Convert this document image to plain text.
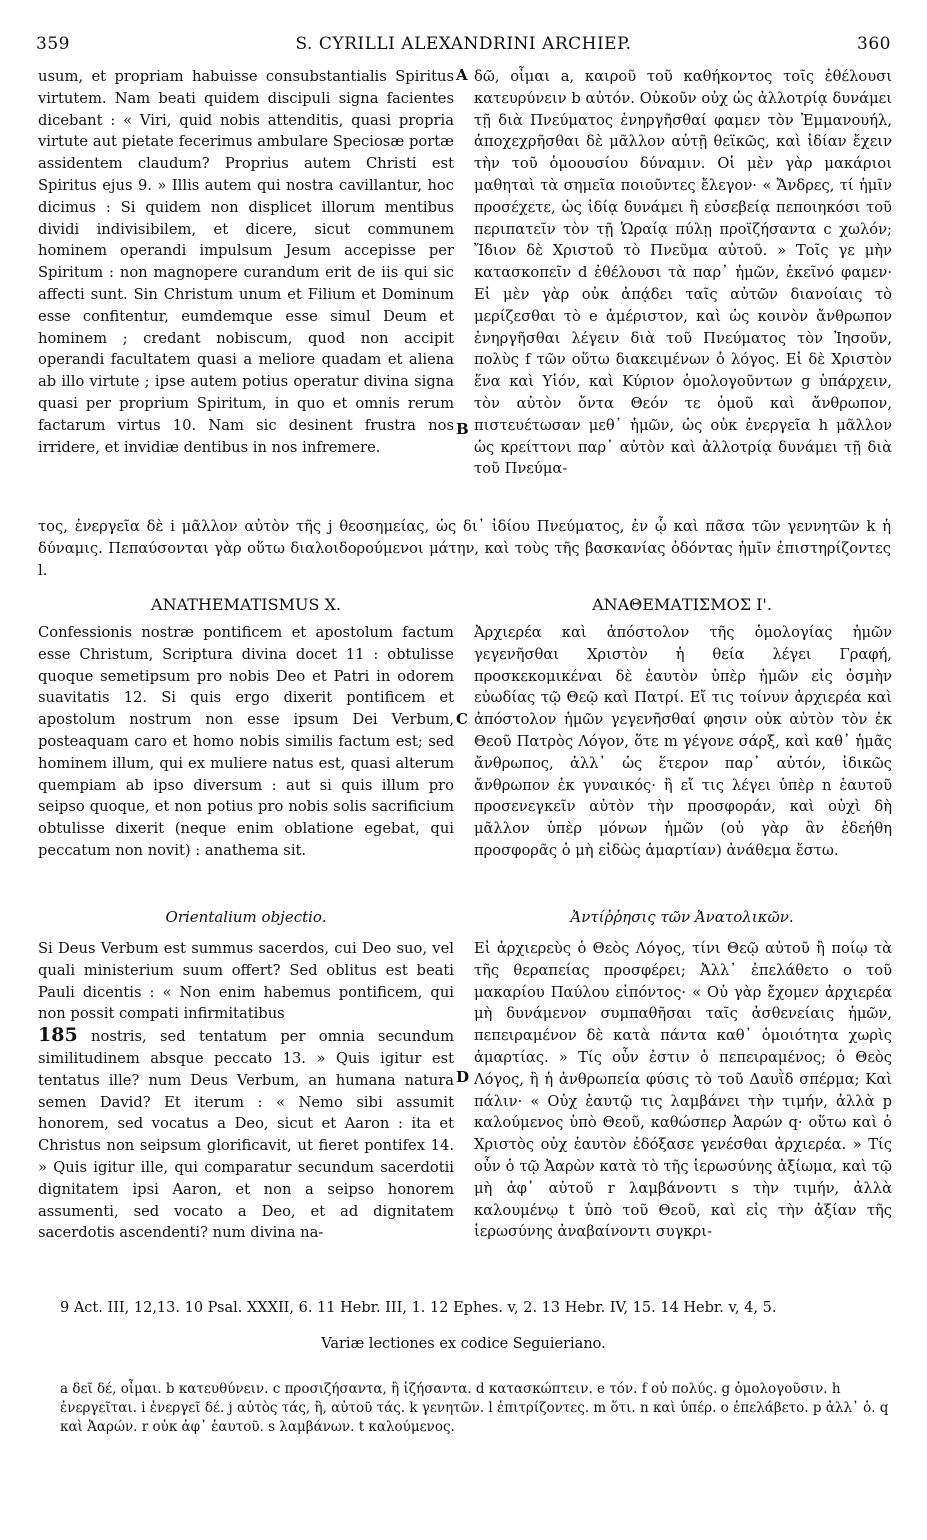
359	S. CYRILLI ALEXANDRINI ARCHIEP.	360

usum, et propriam habuisse consubstantialis Spiritus virtutem. Nam beati quidem discipuli signa facientes dicebant : « Viri, quid nobis attenditis, quasi propria virtute aut pietate fecerimus ambulare Speciosæ portæ assidentem claudum? Proprius autem Christi est Spiritus ejus 9. » Illis autem qui nostra cavillantur, hoc dicimus : Si quidem non displicet illorum mentibus dividi indivisibilem, et dicere, sicut communem hominem operandi impulsum Jesum accepisse per Spiritum : non magnopere curandum erit de iis qui sic affecti sunt. Sin Christum unum et Filium et Dominum esse confitentur, eumdemque esse simul Deum et hominem ; credant nobiscum, quod non accipit operandi facultatem quasi a meliore quadam et aliena ab illo virtute ; ipse autem potius operatur divina signa quasi per proprium Spiritum, in quo et omnis rerum factarum virtus 10. Nam sic desinent frustra nos irridere, et invidiæ dentibus in nos infremere.

δῶ, οἶμαι a, καιροῦ τοῦ καθήκοντος τοῖς ἐθέλουσι κατευρύνειν b αὐτόν. Οὐκοῦν οὐχ ὡς ἀλλοτρίᾳ δυνάμει τῇ διὰ Πνεύματος ἐνηργῆσθαί φαμεν τὸν Ἐμμανουήλ, ἀποχεχρῆσθαι δὲ μᾶλλον αὐτῇ θεϊκῶς, καὶ ἰδίαν ἔχειν τὴν τοῦ ὁμοουσίου δύναμιν. Οἱ μὲν γὰρ μακάριοι μαθηταὶ τὰ σημεῖα ποιοῦντες ἔλεγον· « Ἄνδρες, τί ἡμῖν προσέχετε, ὡς ἰδίᾳ δυνάμει ἢ εὐσεβείᾳ πεποιηκόσι τοῦ περιπατεῖν τὸν τῇ Ὡραίᾳ πύλῃ προϊζήσαντα c χωλόν; Ἴδιον δὲ Χριστοῦ τὸ Πνεῦμα αὐτοῦ. » Τοῖς γε μὴν κατασκοπεῖν d ἐθέλουσι τὰ παρ᾽ ἡμῶν, ἐκεῖνό φαμεν· Εἰ μὲν γὰρ οὐκ ἀπᾴδει ταῖς αὐτῶν διανοίαις τὸ μερίζεσθαι τὸ e ἀμέριστον, καὶ ὡς κοινὸν ἄνθρωπον ἐνηργῆσθαι λέγειν διὰ τοῦ Πνεύματος τὸν Ἰησοῦν, πολὺς f τῶν οὕτω διακειμένων ὁ λόγος. Εἰ δὲ Χριστὸν ἕνα καὶ Υἱόν, καὶ Κύριον ὁμολογοῦντων g ὑπάρχειν, τὸν αὐτὸν ὄντα Θεόν τε ὁμοῦ καὶ ἄνθρωπον, πιστευέτωσαν μεθ᾽ ἡμῶν, ὡς οὐκ ἐνεργεῖα h μᾶλλον ὡς κρείττονι παρ᾽ αὐτὸν καὶ ἀλλοτρίᾳ δυνάμει τῇ διὰ τοῦ Πνεύμα-

A
B

τος, ἐνεργεῖα δὲ i μᾶλλον αὐτὸν τῆς j θεοσημείας, ὡς δι᾽ ἰδίου Πνεύματος, ἐν ᾧ καὶ πᾶσα τῶν γεννητῶν k ἡ δύναμις. Πεπαύσονται γὰρ οὕτω διαλοιδορούμενοι μάτην, καὶ τοὺς τῆς βασκανίας ὀδόντας ἡμῖν ἐπιστηρίζοντες l.

ANATHEMATISMUS X.	ΑΝΑΘΕΜΑΤΙΣΜΟΣ Ι'.

Confessionis nostræ pontificem et apostolum factum esse Christum, Scriptura divina docet 11 : obtulisse quoque semetipsum pro nobis Deo et Patri in odorem suavitatis 12. Si quis ergo dixerit pontificem et apostolum nostrum non esse ipsum Dei Verbum, posteaquam caro et homo nobis similis factum est; sed hominem illum, qui ex muliere natus est, quasi alterum quempiam ab ipso diversum : aut si quis illum pro seipso quoque, et non potius pro nobis solis sacrificium obtulisse dixerit (neque enim oblatione egebat, qui peccatum non novit) : anathema sit.

Ἀρχιερέα καὶ ἀπόστολον τῆς ὁμολογίας ἡμῶν γεγενῆσθαι Χριστὸν ἡ θεία λέγει Γραφή, προσκεκομικέναι δὲ ἑαυτὸν ὑπὲρ ἡμῶν εἰς ὀσμὴν εὐωδίας τῷ Θεῷ καὶ Πατρί. Εἴ τις τοίνυν ἀρχιερέα καὶ ἀπόστολον ἡμῶν γεγενῆσθαί φησιν οὐκ αὐτὸν τὸν ἐκ Θεοῦ Πατρὸς Λόγον, ὅτε m γέγονε σάρξ, καὶ καθ᾽ ἡμᾶς ἄνθρωπος, ἀλλ᾽ ὡς ἕτερον παρ᾽ αὐτόν, ἰδικῶς ἄνθρωπον ἐκ γυναικός· ἢ εἴ τις λέγει ὑπὲρ n ἑαυτοῦ προσενεγκεῖν αὐτὸν τὴν προσφοράν, καὶ οὐχὶ δὴ μᾶλλον ὑπὲρ μόνων ἡμῶν (οὐ γὰρ ἂν ἐδεήθη προσφορᾶς ὁ μὴ εἰδὼς ἁμαρτίαν) ἀνάθεμα ἔστω.

C
Orientalium objectio.	Ἀντίῤῥησις τῶν Ἀνατολικῶν.

Si Deus Verbum est summus sacerdos, cui Deo suo, vel quali ministerium suum offert? Sed oblitus est beati Pauli dicentis : « Non enim habemus pontificem, qui non possit compati infirmitatibus

185 nostris, sed tentatum per omnia secundum similitudinem absque peccato 13. » Quis igitur est tentatus ille? num Deus Verbum, an humana natura semen David? Et iterum : « Nemo sibi assumit honorem, sed vocatus a Deo, sicut et Aaron : ita et Christus non seipsum glorificavit, ut fieret pontifex 14. » Quis igitur ille, qui comparatur secundum sacerdotii dignitatem ipsi Aaron, et non a seipso honorem assumenti, sed vocato a Deo, et ad dignitatem sacerdotis ascendenti? num divina na-

Εἰ ἀρχιερεὺς ὁ Θεὸς Λόγος, τίνι Θεῷ αὐτοῦ ἢ ποίῳ τὰ τῆς θεραπείας προσφέρει; Ἀλλ᾽ ἐπελάθετο o τοῦ μακαρίου Παύλου εἰπόντος· « Οὐ γὰρ ἔχομεν ἀρχιερέα μὴ δυνάμενον συμπαθῆσαι ταῖς ἀσθενείαις ἡμῶν, πεπειραμένον δὲ κατὰ πάντα καθ᾽ ὁμοιότητα χωρὶς ἁμαρτίας. » Τίς οὖν ἐστιν ὁ πεπειραμένος; ὁ Θεὸς Λόγος, ἢ ἡ ἀνθρωπεία φύσις τὸ τοῦ Δαυῒδ σπέρμα; Καὶ πάλιν· « Οὐχ ἑαυτῷ τις λαμβάνει τὴν τιμήν, ἀλλὰ p καλούμενος ὑπὸ Θεοῦ, καθώσπερ Ἀαρών q· οὕτω καὶ ὁ Χριστὸς οὐχ ἑαυτὸν ἐδόξασε γενέσθαι ἀρχιερέα. » Τίς οὖν ὁ τῷ Ἀαρὼν κατὰ τὸ τῆς ἱερωσύνης ἀξίωμα, καὶ τῷ μὴ ἀφ᾽ αὐτοῦ r λαμβάνοντι s τὴν τιμήν, ἀλλὰ καλουμένῳ t ὑπὸ τοῦ Θεοῦ, καὶ εἰς τὴν ἀξίαν τῆς ἱερωσύνης ἀναβαίνοντι συγκρι-

D
9 Act. III, 12,13. 10 Psal. XXXII, 6. 11 Hebr. III, 1. 12 Ephes. v, 2. 13 Hebr. IV, 15. 14 Hebr. v, 4, 5.
Variæ lectiones ex codice Seguieriano.
a δεῖ δέ, οἶμαι. b κατευθύνειν. c προσιζήσαντα, ἢ ἰζήσαντα. d κατασκώπτειν. e τόν. f οὐ πολύς. g ὁμολογοῦσιν. h ἐνεργεῖται. i ἐνεργεῖ δέ. j αὐτὸς τάς, ἢ, αὐτοῦ τάς. k γενητῶν. l ἐπιτρίζοντες. m ὅτι. n καὶ ὑπέρ. o ἐπελάβετο. p ἀλλ᾽ ὁ. q καὶ Ἀαρών. r οὐκ ἀφ᾽ ἑαυτοῦ. s λαμβάνων. t καλούμενος.
